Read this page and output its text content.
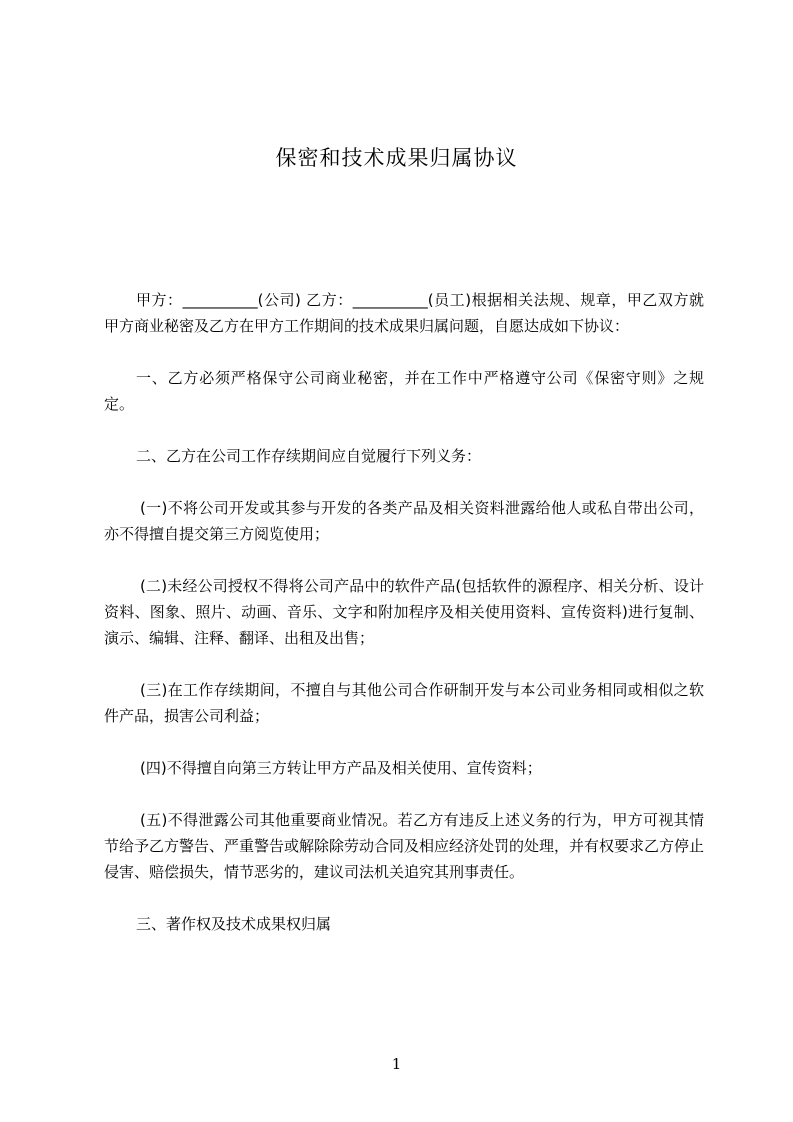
保密和技术成果归属协议

甲方：__________(公司) 乙方：__________(员工)根据相关法规、规章，甲乙双方就甲方商业秘密及乙方在甲方工作期间的技术成果归属问题，自愿达成如下协议：

一、乙方必须严格保守公司商业秘密，并在工作中严格遵守公司《保密守则》之规定。

二、乙方在公司工作存续期间应自觉履行下列义务：

(一)不将公司开发或其参与开发的各类产品及相关资料泄露给他人或私自带出公司，亦不得擅自提交第三方阅览使用；

(二)未经公司授权不得将公司产品中的软件产品(包括软件的源程序、相关分析、设计资料、图象、照片、动画、音乐、文字和附加程序及相关使用资料、宣传资料)进行复制、演示、编辑、注释、翻译、出租及出售；

(三)在工作存续期间，不擅自与其他公司合作研制开发与本公司业务相同或相似之软件产品，损害公司利益；

(四)不得擅自向第三方转让甲方产品及相关使用、宣传资料；

(五)不得泄露公司其他重要商业情况。若乙方有违反上述义务的行为，甲方可视其情节给予乙方警告、严重警告或解除除劳动合同及相应经济处罚的处理，并有权要求乙方停止侵害、赔偿损失，情节恶劣的，建议司法机关追究其刑事责任。

三、著作权及技术成果权归属

1
